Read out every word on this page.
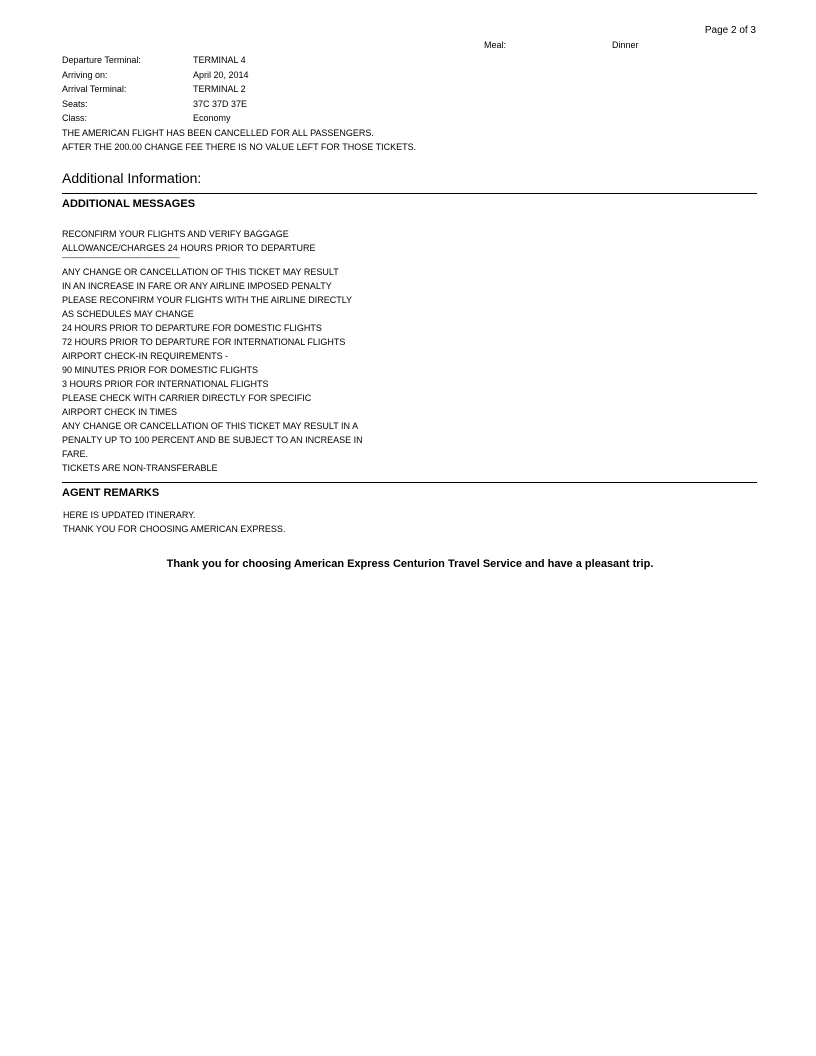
Page 2 of 3
Meal:	Dinner
Departure Terminal:	TERMINAL 4
Arriving on:	April 20, 2014
Arrival Terminal:	TERMINAL 2
Seats:	37C 37D 37E
Class:	Economy
THE AMERICAN FLIGHT HAS BEEN CANCELLED FOR ALL PASSENGERS.
AFTER THE 200.00 CHANGE FEE THERE IS NO VALUE LEFT FOR THOSE TICKETS.
Additional Information:
ADDITIONAL MESSAGES
RECONFIRM YOUR FLIGHTS AND VERIFY BAGGAGE
ALLOWANCE/CHARGES 24 HOURS PRIOR TO DEPARTURE
-------------------------------------------------------------
ANY CHANGE OR CANCELLATION OF THIS TICKET MAY RESULT
IN AN INCREASE IN FARE OR ANY AIRLINE IMPOSED PENALTY
PLEASE RECONFIRM YOUR FLIGHTS WITH THE AIRLINE DIRECTLY
AS SCHEDULES MAY CHANGE
24 HOURS PRIOR TO DEPARTURE FOR DOMESTIC FLIGHTS
72 HOURS PRIOR TO DEPARTURE FOR INTERNATIONAL FLIGHTS
AIRPORT CHECK-IN REQUIREMENTS -
90 MINUTES PRIOR FOR DOMESTIC FLIGHTS
3 HOURS PRIOR FOR INTERNATIONAL FLIGHTS
PLEASE CHECK WITH CARRIER DIRECTLY FOR SPECIFIC
AIRPORT CHECK IN TIMES
ANY CHANGE OR CANCELLATION OF THIS TICKET MAY RESULT IN A
PENALTY UP TO 100 PERCENT AND BE SUBJECT TO AN INCREASE IN
FARE.
TICKETS ARE NON-TRANSFERABLE
AGENT REMARKS
HERE IS UPDATED ITINERARY.
THANK YOU FOR CHOOSING AMERICAN EXPRESS.
Thank you for choosing American Express Centurion Travel Service and have a pleasant trip.
